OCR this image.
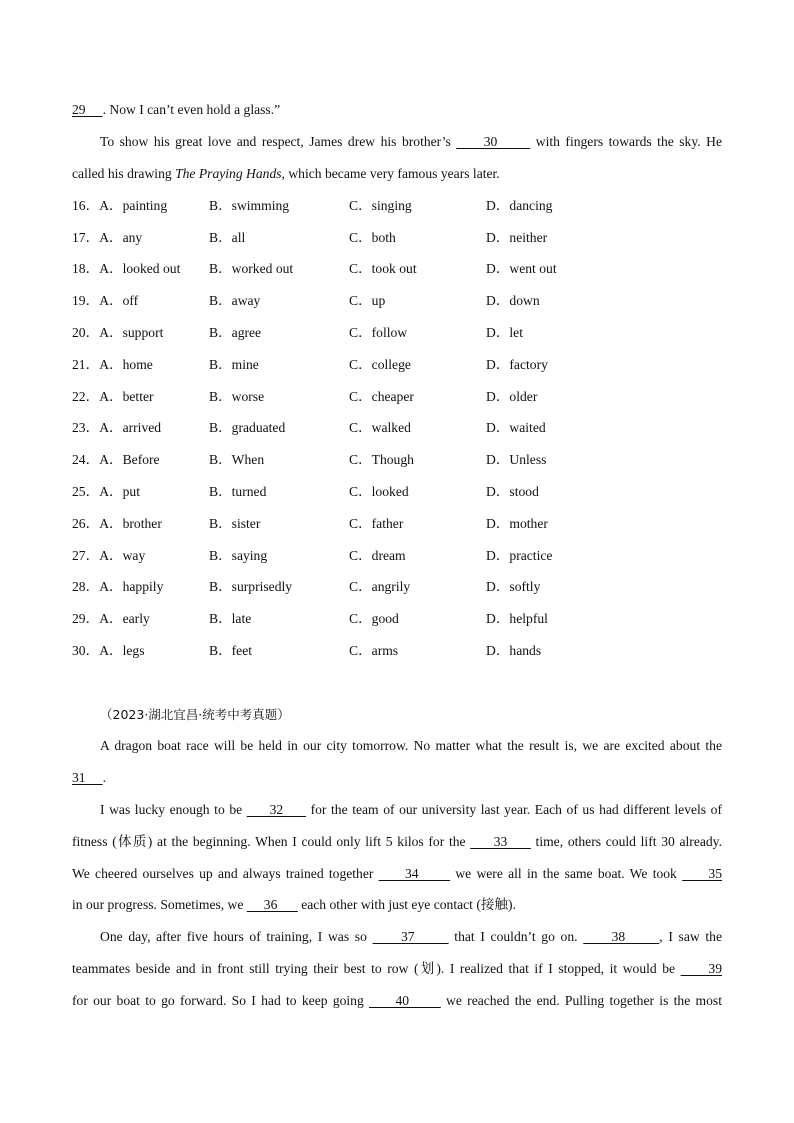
29     . Now I can’t even hold a glass.”
To show his great love and respect, James drew his brother’s      30       with fingers towards the sky. He
called his drawing The Praying Hands, which became very famous years later.
16．A．painting	B．swimming	C．singing	D．dancing
17．A．any	B．all	C．both	D．neither
18．A．looked out B．worked out	C．took out	D．went out
19．A．off	B．away	C．up	D．down
20．A．support	B．agree	C．follow	D．let
21．A．home	B．mine	C．college	D．factory
22．A．better	B．worse	C．cheaper	D．older
23．A．arrived	B．graduated	C．walked	D．waited
24．A．Before	B．When	C．Though	D．Unless
25．A．put	B．turned	C．looked	D．stood
26．A．brother	B．sister	C．father	D．mother
27．A．way	B．saying	C．dream	D．practice
28．A．happily	B．surprisedly	C．angrily	D．softly
29．A．early	B．late	C．good	D．helpful
30．A．legs	B．feet	C．arms	D．hands
（2023·湖北宜昌·统考中考真题）
A dragon boat race will be held in our city tomorrow. No matter what the result is, we are excited about the
31     .
I was lucky enough to be      32      for the team of our university last year. Each of us had different levels of
fitness (体质) at the beginning. When I could only lift 5 kilos for the      33      time, others could lift 30 already.
We cheered ourselves up and always trained together      34       we were all in the same boat. We took      35
in our progress. Sometimes, we      36       each other with just eye contact (接触).
One day, after five hours of training, I was so      37       that I couldn’t go on.      38      , I saw the
teammates beside and in front still trying their best to row (划). I realized that if I stopped, it would be      39
for our boat to go forward. So I had to keep going      40       we reached the end. Pulling together is the most
